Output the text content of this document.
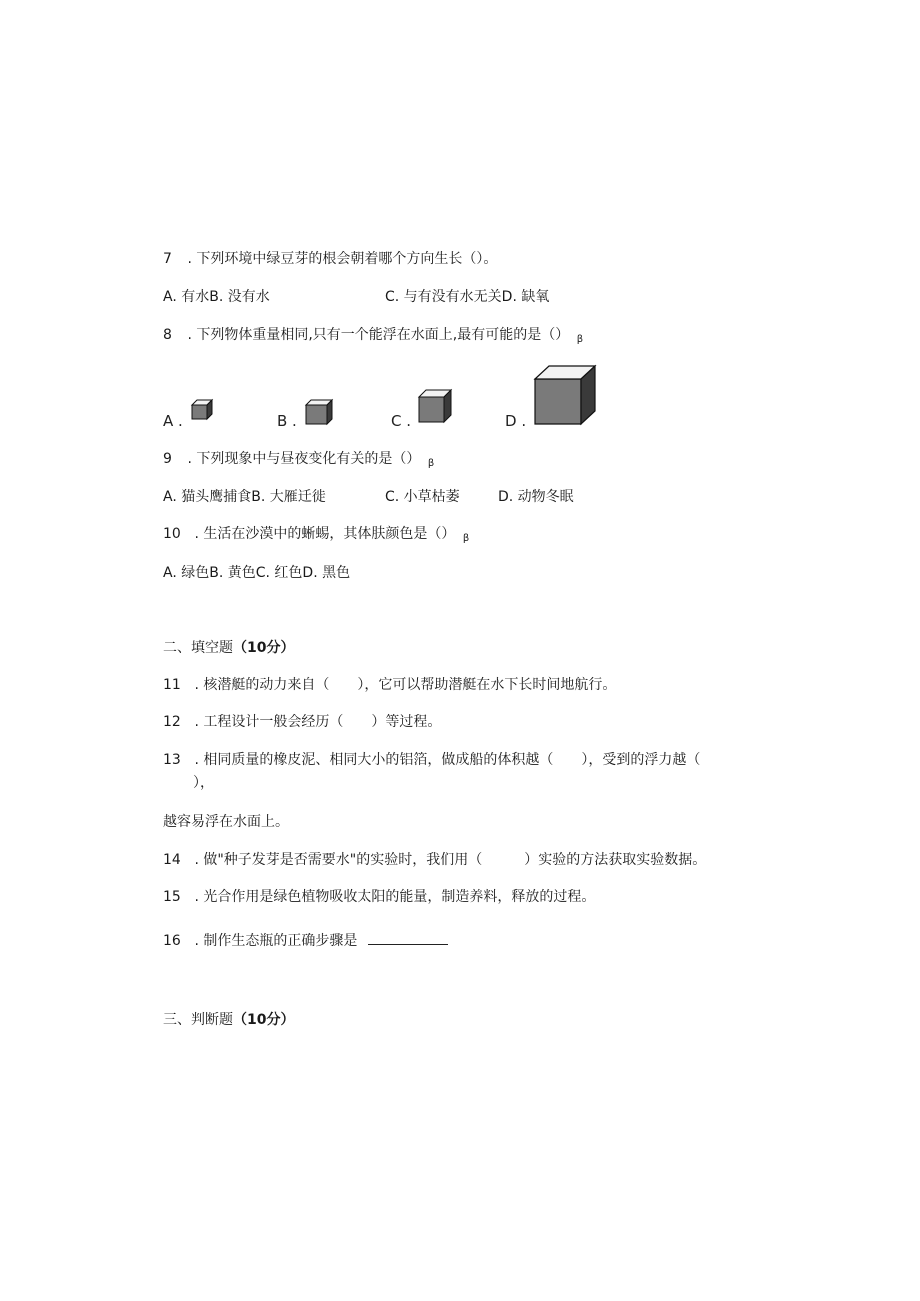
7 . 下列环境中绿豆芽的根会朝着哪个方向生长（）。
A. 有水B. 没有水	C. 与有没有水无关D. 缺氧
8 . 下列物体重量相同,只有一个能浮在水面上,最有可能的是（） $_\beta$
A .	B .	C .	D .
9 . 下列现象中与昼夜变化有关的是（） $_\beta$
A. 猫头鹰捕食B. 大雁迁徙	C. 小草枯萎	D. 动物冬眠
10 . 生活在沙漠中的蜥蜴，其体肤颜色是（） $_\beta$
A. 绿色B. 黄色C. 红色D. 黑色
二、填空题（10分）
11 . 核潜艇的动力来自（　　），它可以帮助潜艇在水下长时间地航行。
12 . 工程设计一般会经历（　　）等过程。
13 . 相同质量的橡皮泥、相同大小的铝箔，做成船的体积越（　　），受到的浮力越（
），
越容易浮在水面上。
14 . 做"种子发芽是否需要水"的实验时，我们用（　　　）实验的方法获取实验数据。
15 . 光合作用是绿色植物吸收太阳的能量，制造养料，释放的过程。
16 . 制作生态瓶的正确步骤是
三、判断题（10分）
